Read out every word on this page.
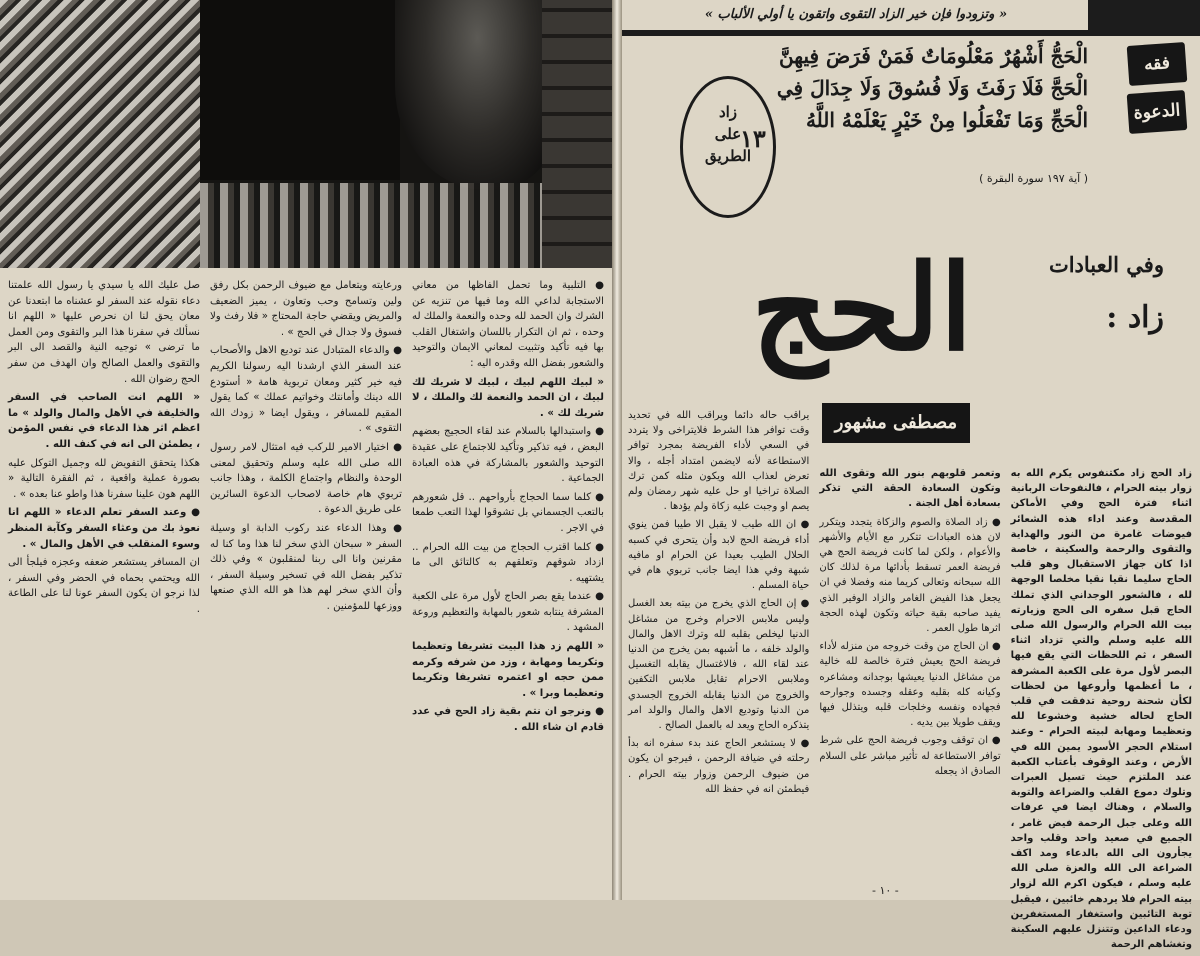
● التلبية وما تحمل الفاظها من معاني الاستجابة لداعي الله وما فيها من تنزيه عن الشرك وان الحمد لله وحده والنعمة والملك له وحده ، ثم ان التكرار باللسان واشتغال القلب بها فيه تأكيد وتثبيت لمعاني الايمان والتوحيد والشعور بفضل الله وقدره اليه :

« لبيك اللهم لبيك ، لبيك لا شريك لك لبيك ، ان الحمد والنعمة لك والملك ، لا شريك لك » .

● واستبدالها بالسلام عند لقاء الحجيج بعضهم البعض ، فيه تذكير وتأكيد للاجتماع على عقيدة التوحيد والشعور بالمشاركة في هذه العبادة الجماعية .

● كلما سما الحجاج بأرواحهم .. قل شعورهم بالتعب الجسماني بل تشوقوا لهذا التعب طمعا في الاجر .

● كلما اقترب الحجاج من بيت الله الحرام .. ازداد شوقهم وتعلقهم به كالتائق الى ما يشتهيه .

● عندما يقع بصر الحاج لأول مرة على الكعبة المشرفة ينتابه شعور بالمهابة والتعظيم وروعة المشهد .

« اللهم زد هذا البيت تشريفا وتعظيما وتكريما ومهابة ، وزد من شرفه وكرمه ممن حجه او اعتمره تشريفا وتكريما وتعظيما وبرا » .

● ونرجو ان نتم بقية زاد الحج في عدد قادم ان شاء الله .

ورعايته ويتعامل مع ضيوف الرحمن بكل رفق ولين وتسامح وحب وتعاون ، يميز الضعيف والمريض ويقضي حاجة المحتاج « فلا رفث ولا فسوق ولا جدال في الحج » .

● والدعاء المتبادل عند توديع الاهل والأصحاب عند السفر الذي ارشدنا اليه رسولنا الكريم فيه خير كثير ومعان تربوية هامة « أستودع الله دينك وأمانتك وخواتيم عملك » كما يقول المقيم للمسافر ، ويقول ايضا « زودك الله التقوى » .

● اختيار الامير للركب فيه امتثال لامر رسول الله صلى الله عليه وسلم وتحقيق لمعنى الوحدة والنظام واجتماع الكلمة ، وهذا جانب تربوي هام خاصة لاصحاب الدعوة السائرين على طريق الدعوة .

● وهذا الدعاء عند ركوب الدابة او وسيلة السفر « سبحان الذي سخر لنا هذا وما كنا له مقرنين وانا الى ربنا لمنقلبون » وفي ذلك تذكير بفضل الله في تسخير وسيلة السفر ، وأن الذي سخر لهم هذا هو الله الذي صنعها ووزعها للمؤمنين .

صل عليك الله يا سيدي يا رسول الله علمتنا دعاء نقوله عند السفر لو عشناه ما ابتعدنا عن معان يحق لنا ان نحرص عليها « اللهم انا نسألك في سفرنا هذا البر والتقوى ومن العمل ما ترضى » توجيه النية والقصد الى البر والتقوى والعمل الصالح وان الهدف من سفر الحج رضوان الله .

« اللهم انت الصاحب في السفر والخليفة في الأهل والمال والولد » ما اعظم اثر هذا الدعاء في نفس المؤمن ، يطمئن الى انه في كنف الله .

هكذا يتحقق التفويض لله وجميل التوكل عليه بصورة عملية واقعية ، ثم الفقرة التالية « اللهم هون علينا سفرنا هذا واطو عنا بعده » .

● وعند السفر تعلم الدعاء « اللهم انا نعوذ بك من وعثاء السفر وكآبة المنظر وسوء المنقلب في الأهل والمال » .

ان المسافر يستشعر ضعفه وعجزه فيلجأ الى الله ويحتمي بحماه في الحضر وفي السفر ، لذا نرجو ان يكون السفر عونا لنا على الطاعة .

« وتزودوا فإن خير الزاد التقوى واتقون يا أولي الألباب »
فقه
الدعوة
الْحَجُّ أَشْهُرٌ مَعْلُومَاتٌ فَمَنْ فَرَضَ فِيهِنَّ الْحَجَّ فَلَا رَفَثَ وَلَا فُسُوقَ وَلَا جِدَالَ فِي الْحَجِّ وَمَا تَفْعَلُوا مِنْ خَيْرٍ يَعْلَمْهُ اللَّهُ
( آية ١٩٧ سورة البقرة )
زاد
على
الطريق
١٣
الحج	وفي العبادات
زاد :
مصطفى مشهور

زاد الحج زاد مكتنفوس يكرم الله به زوار بيته الحرام ، فالنفوحات الربانية اثناء فترة الحج وفي الأماكن المقدسة وعند اداء هذه الشعائر فيوضات غامرة من النور والهداية والتقوى والرحمة والسكينة ، خاصة اذا كان جهاز الاستقبال وهو قلب الحاج سليما نقيا نقيا مخلصا الوجهة لله ، فالشعور الوجداني الذي تملك الحاج قبل سفره الى الحج وزيارته بيت الله الحرام والرسول الله صلى الله عليه وسلم والتي تزداد اثناء السفر ، ثم اللحظات التي يقع فيها البصر لأول مرة على الكعبة المشرفة ، ما أعظمها وأروعها من لحظات لكأن شحنة روحية تدفقت في قلب الحاج لحاله خشية وخشوعا لله وتعظيما ومهابة لبيته الحرام - وعند استلام الحجر الأسود يمين الله في الأرض ، وعند الوقوف بأعتاب الكعبة عند الملتزم حيث تسيل العبرات وتلوك دموع القلب والضراعة والتوبة والسلام ، وهناك ايضا في عرفات الله وعلى جبل الرحمة فيض غامر ، الجميع في صعيد واحد وقلب واحد يجأرون الى الله بالدعاء ومد اكف الضراعة الى الله والعزة صلى الله عليه وسلم ، فيكون اكرم الله لزوار بيته الحرام فلا يردهم خائبين ، فيقبل توبة التائبين واستغفار المستغفرين ودعاء الداعين وتتنزل عليهم السكينة وتغشاهم الرحمة

وتعمر قلوبهم بنور الله وتقوى الله وتكون السعادة الحقة التي تذكر بسعادة أهل الجنة .

● زاد الصلاة والصوم والزكاة يتجدد ويتكرر لان هذه العبادات تتكرر مع الأيام والأشهر والأعوام ، ولكن لما كانت فريضة الحج هي فريضة العمر تسقط بأدائها مرة لذلك كان الله سبحانه وتعالى كريما منه وفضلا في ان يجعل هذا الفيض الغامر والزاد الوفير الذي يفيد صاحبه بقية حياته وتكون لهذه الحجة اثرها طول العمر .

● ان الحاج من وقت خروجه من منزله لأداء فريضة الحج يعيش فترة خالصة لله خالية من مشاغل الدنيا يعيشها بوجدانه ومشاعره وكيانه كله بقلبه وعقله وجسده وجوارحه فجهاده ونفسه وخلجات قلبه ويتذلل فيها ويقف طويلا بين يديه .

● ان توقف وجوب فريضة الحج على شرط توافر الاستطاعة له تأثير مباشر على السلام الصادق اذ يجعله

يراقب حاله دائما ويراقب الله في تحديد وقت توافر هذا الشرط فلايتراخى ولا يتردد في السعي لأداء الفريضة بمجرد توافر الاستطاعة لأنه لايضمن امتداد أجله ، والا تعرض لعذاب الله ويكون مثله كمن ترك الصلاة تراخيا او حل عليه شهر رمضان ولم يصم او وجبت عليه زكاة ولم يؤدها .

● ان الله طيب لا يقبل الا طيبا فمن ينوي أداء فريضة الحج لابد وأن يتحرى في كسبه الحلال الطيب بعيدا عن الحرام او مافيه شبهة وفي هذا ايضا جانب تربوي هام في حياة المسلم .

● إن الحاج الذي يخرج من بيته بعد الغسل وليس ملابس الاحرام وخرج من مشاغل الدنيا ليخلص بقلبه لله وترك الاهل والمال والولد خلفه ، ما أشبهه بمن يخرج من الدنيا عند لقاء الله ، فالاغتسال يقابله التغسيل وملابس الاحرام تقابل ملابس التكفين والخروج من الدنيا يقابله الخروج الجسدي من الدنيا وتوديع الاهل والمال والولد امر يتذكره الحاج ويعد له بالعمل الصالح .

● لا يستشعر الحاج عند بدء سفره انه بدأ رحلته في ضيافة الرحمن ، فيرجو ان يكون من ضيوف الرحمن وزوار بيته الحرام . فيطمئن انه في حفظ الله

- ١٠ -
